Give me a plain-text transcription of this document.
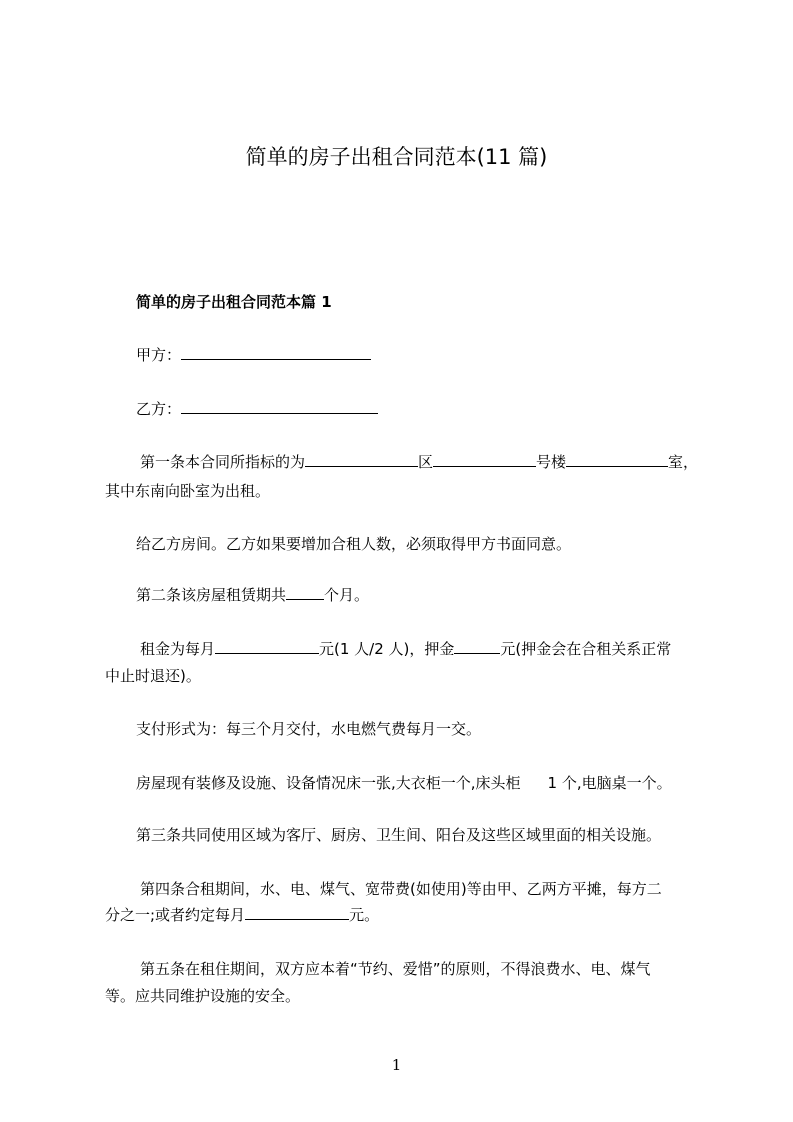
简单的房子出租合同范本(11 篇)
简单的房子出租合同范本篇 1
甲方：
乙方：
第一条本合同所指标的为	区	号楼	室，
其中东南向卧室为出租。
给乙方房间。乙方如果要增加合租人数，必须取得甲方书面同意。
第二条该房屋租赁期共	个月。
租金为每月	元(1 人/2 人)，押金	元(押金会在合租关系正常
中止时退还)。
支付形式为：每三个月交付，水电燃气费每月一交。
房屋现有装修及设施、设备情况床一张,大衣柜一个,床头柜 1 个,电脑桌一个。
第三条共同使用区域为客厅、厨房、卫生间、阳台及这些区域里面的相关设施。
第四条合租期间，水、电、煤气、宽带费(如使用)等由甲、乙两方平摊，每方二
分之一;或者约定每月	元。
第五条在租住期间，双方应本着“节约、爱惜”的原则，不得浪费水、电、煤气
等。应共同维护设施的安全。
1
